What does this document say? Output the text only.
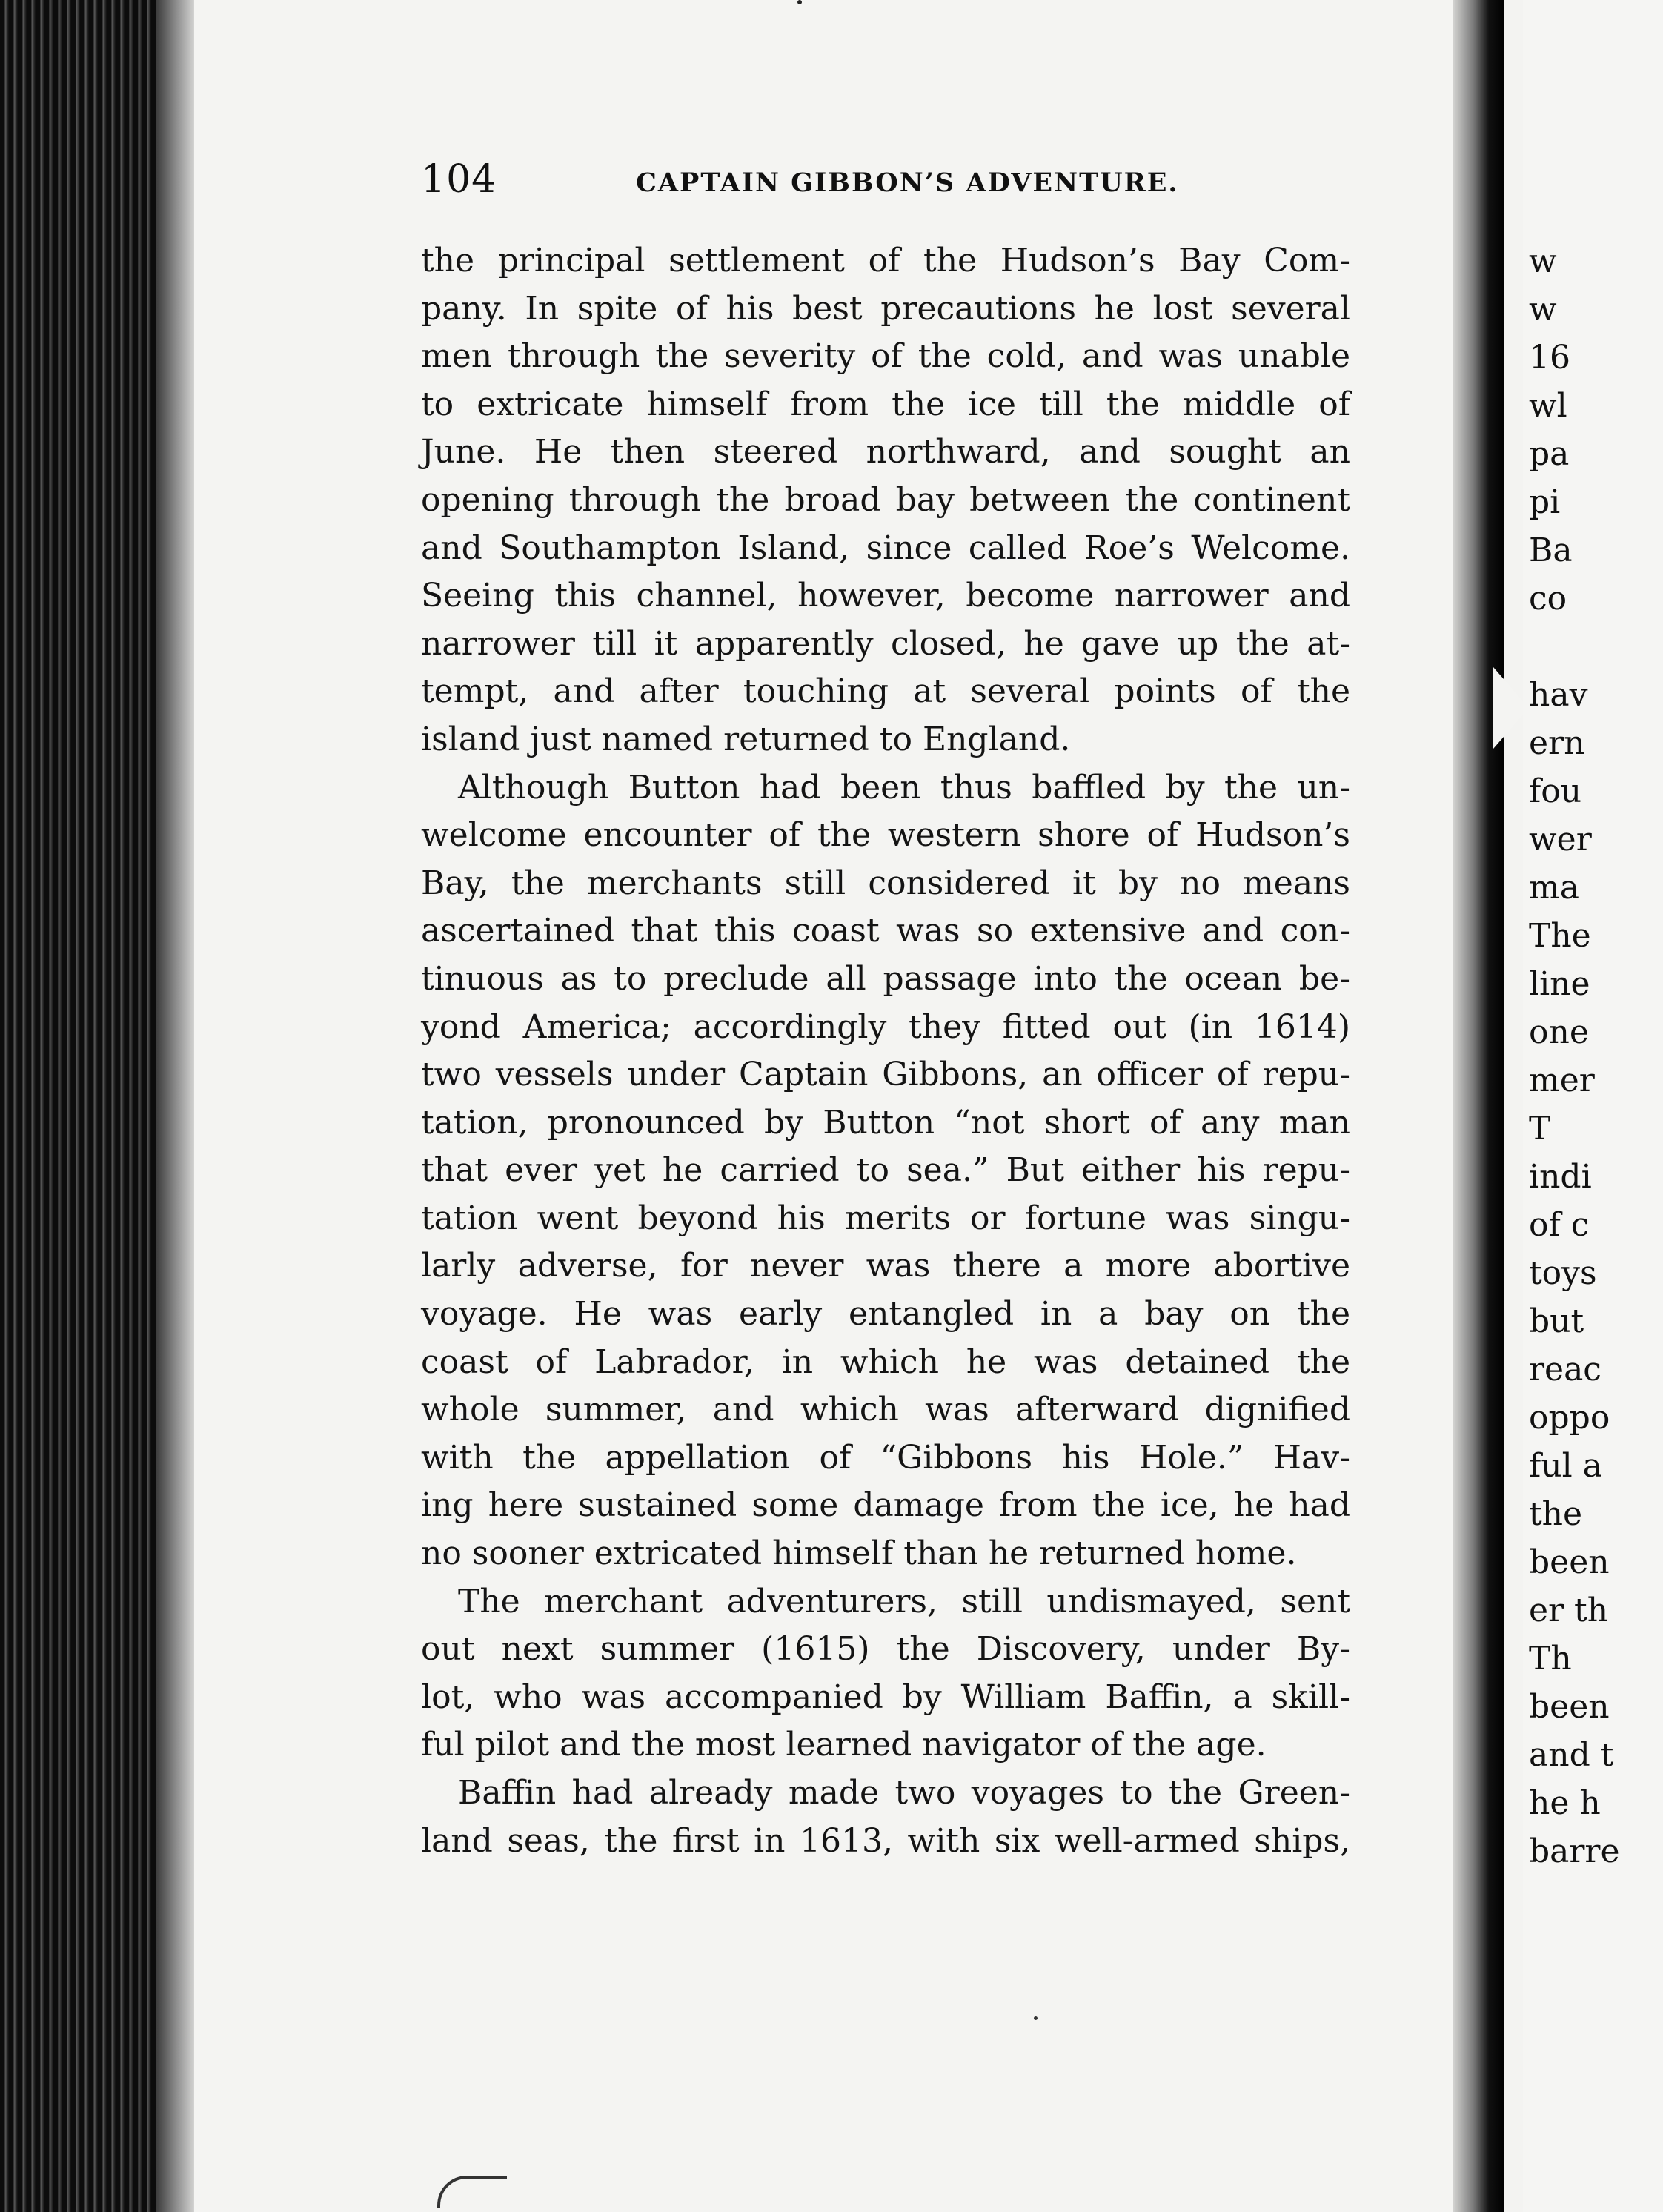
104	CAPTAIN GIBBON’S ADVENTURE.
the principal settlement of the Hudson’s Bay Com-
pany. In spite of his best precautions he lost several
men through the severity of the cold, and was unable
to extricate himself from the ice till the middle of
June. He then steered northward, and sought an
opening through the broad bay between the continent
and Southampton Island, since called Roe’s Welcome.
Seeing this channel, however, become narrower and
narrower till it apparently closed, he gave up the at-
tempt, and after touching at several points of the
island just named returned to England.
Although Button had been thus baffled by the un-
welcome encounter of the western shore of Hudson’s
Bay, the merchants still considered it by no means
ascertained that this coast was so extensive and con-
tinuous as to preclude all passage into the ocean be-
yond America; accordingly they fitted out (in 1614)
two vessels under Captain Gibbons, an officer of repu-
tation, pronounced by Button “not short of any man
that ever yet he carried to sea.” But either his repu-
tation went beyond his merits or fortune was singu-
larly adverse, for never was there a more abortive
voyage. He was early entangled in a bay on the
coast of Labrador, in which he was detained the
whole summer, and which was afterward dignified
with the appellation of “Gibbons his Hole.” Hav-
ing here sustained some damage from the ice, he had
no sooner extricated himself than he returned home.
The merchant adventurers, still undismayed, sent
out next summer (1615) the Discovery, under By-
lot, who was accompanied by William Baffin, a skill-
ful pilot and the most learned navigator of the age.
Baffin had already made two voyages to the Green-
land seas, the first in 1613, with six well-armed ships,
w
w
16
wl
pa
pi
Ba
co
hav
ern
fou
wer
ma
The
line
one
mer
T
indi
of c
toys
but
reac
oppo
ful a
the
been
er th
Th
been
and t
he h
barre
